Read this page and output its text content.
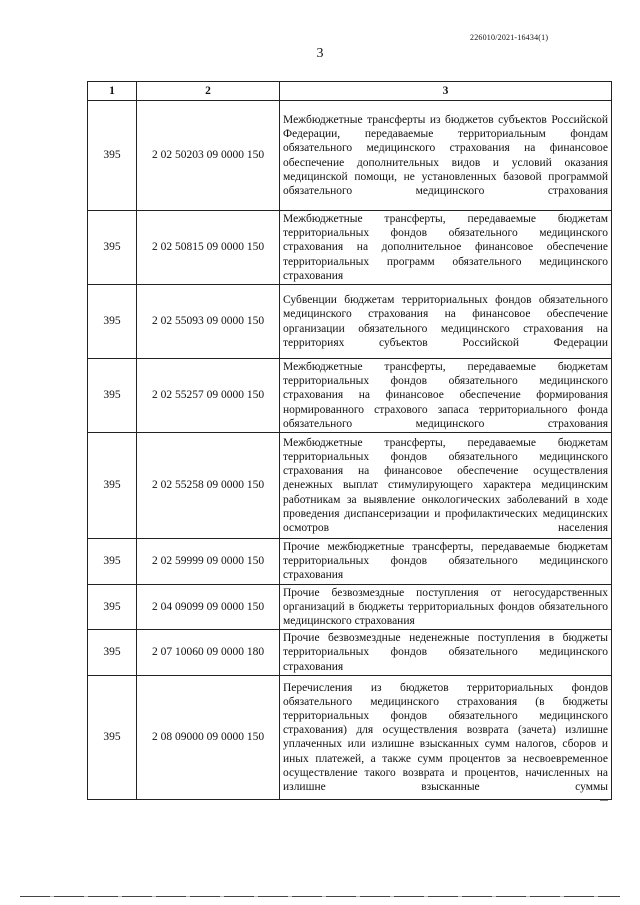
226010/2021-16434(1)
3
1	2	3
395	2 02 50203 09 0000 150	Межбюджетные трансферты из бюджетов субъектов Российской Федерации, передаваемые территориальным фондам обязательного медицинского страхования на финансовое обеспечение дополнительных видов и условий оказания медицинской помощи, не установленных базовой программой обязательного медицинского страхования
395	2 02 50815 09 0000 150	Межбюджетные трансферты, передаваемые бюджетам территориальных фондов обязательного медицинского страхования на дополнительное финансовое обеспечение территориальных программ обязательного медицинского страхования
395	2 02 55093 09 0000 150	Субвенции бюджетам территориальных фондов обязательного медицинского страхования на финансовое обеспечение организации обязательного медицинского страхования на территориях субъектов Российской Федерации
395	2 02 55257 09 0000 150	Межбюджетные трансферты, передаваемые бюджетам территориальных фондов обязательного медицинского страхования на финансовое обеспечение формирования нормированного страхового запаса территориального фонда обязательного медицинского страхования
395	2 02 55258 09 0000 150	Межбюджетные трансферты, передаваемые бюджетам территориальных фондов обязательного медицинского страхования на финансовое обеспечение осуществления денежных выплат стимулирующего характера медицинским работникам за выявление онкологических заболеваний в ходе проведения диспансеризации и профилактических медицинских осмотров населения
395	2 02 59999 09 0000 150	Прочие межбюджетные трансферты, передаваемые бюджетам территориальных фондов обязательного медицинского страхования
395	2 04 09099 09 0000 150	Прочие безвозмездные поступления от негосударственных организаций в бюджеты территориальных фондов обязательного медицинского страхования
395	2 07 10060 09 0000 180	Прочие безвозмездные неденежные поступления в бюджеты территориальных фондов обязательного медицинского страхования
395	2 08 09000 09 0000 150	Перечисления из бюджетов территориальных фондов обязательного медицинского страхования (в бюджеты территориальных фондов обязательного медицинского страхования) для осуществления возврата (зачета) излишне уплаченных или излишне взысканных сумм налогов, сборов и иных платежей, а также сумм процентов за несвоевременное осуществление такого возврата и процентов, начисленных на излишне взысканные суммы
